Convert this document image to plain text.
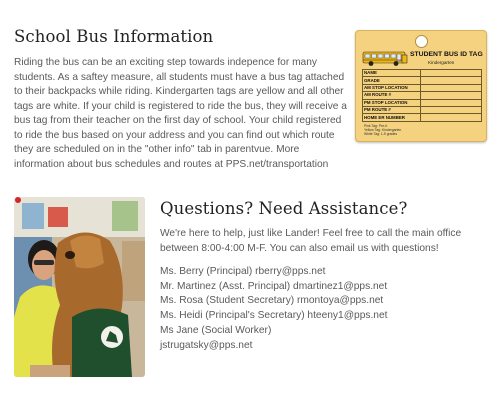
School Bus Information

Riding the bus can be an exciting step towards indepence for many students. As a saftey measure, all students must have a bus tag attached to their backpacks while riding. Kindergarten tags are yellow and all other tags are white. If your child is registered to ride the bus, they will receive a bus tag from their teacher on the first day of school. Your child registered to ride the bus based on your address and you can find out which route they are scheduled on in the "other info" tab in parentvue. More information about bus schedules and routes at PPS.net/transportation

STUDENT BUS ID TAG
Kindergarten
NAME	
GRADE	
AM STOP LOCATION	
AM ROUTE #	
PM STOP LOCATION	
PM ROUTE #	
HOME ER NUMBER	
Pink Tag: Pre-K
Yellow Tag: Kindergarten
White Tag: 1-5 grades
Questions? Need Assistance?

We're here to help, just like Lander! Feel free to call the main office between 8:00-4:00 M-F. You can also email us with questions!

Ms. Berry (Principal) rberry@pps.net
Mr. Martinez (Asst. Principal) dmartinez1@pps.net
Ms. Rosa (Student Secretary) rmontoya@pps.net
Ms. Heidi (Principal's Secretary) hteeny1@pps.net
Ms Jane (Social Worker)
jstrugatsky@pps.net
